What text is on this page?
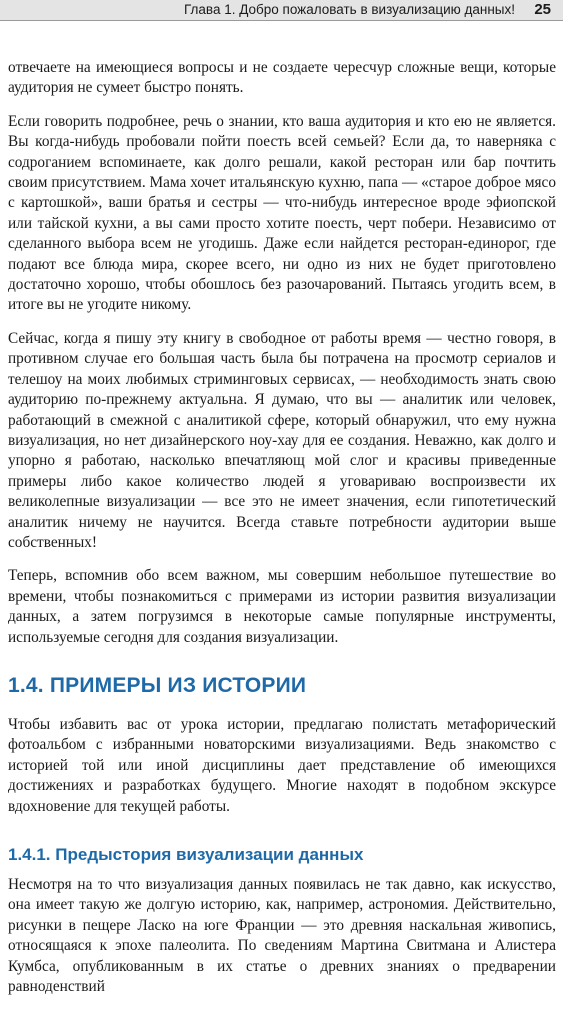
Глава 1. Добро пожаловать в визуализацию данных! 25

отвечаете на имеющиеся вопросы и не создаете чересчур сложные вещи, которые аудитория не сумеет быстро понять.

Если говорить подробнее, речь о знании, кто ваша аудитория и кто ею не является. Вы когда-нибудь пробовали пойти поесть всей семьей? Если да, то наверняка с содроганием вспоминаете, как долго решали, какой ресторан или бар почтить своим присутствием. Мама хочет итальянскую кухню, папа — «старое доброе мясо с картошкой», ваши братья и сестры — что-нибудь интересное вроде эфиопской или тайской кухни, а вы сами просто хотите поесть, черт побери. Независимо от сделанного выбора всем не угодишь. Даже если найдется ресторан-единорог, где подают все блюда мира, скорее всего, ни одно из них не будет приготовлено достаточно хорошо, чтобы обошлось без разочарований. Пытаясь угодить всем, в итоге вы не угодите никому.

Сейчас, когда я пишу эту книгу в свободное от работы время — честно говоря, в противном случае его большая часть была бы потрачена на просмотр сериалов и телешоу на моих любимых стриминговых сервисах, — необходимость знать свою аудиторию по-прежнему актуальна. Я думаю, что вы — аналитик или человек, работающий в смежной с аналитикой сфере, который обнаружил, что ему нужна визуализация, но нет дизайнерского ноу-хау для ее создания. Неважно, как долго и упорно я работаю, насколько впечатляющ мой слог и красивы приведенные примеры либо какое количество людей я уговариваю воспроизвести их великолепные визуализации — все это не имеет значения, если гипотетический аналитик ничему не научится. Всегда ставьте потребности аудитории выше собственных!

Теперь, вспомнив обо всем важном, мы совершим небольшое путешествие во времени, чтобы познакомиться с примерами из истории развития визуализации данных, а затем погрузимся в некоторые самые популярные инструменты, используемые сегодня для создания визуализации.

1.4. ПРИМЕРЫ ИЗ ИСТОРИИ

Чтобы избавить вас от урока истории, предлагаю полистать метафорический фотоальбом с избранными новаторскими визуализациями. Ведь знакомство с историей той или иной дисциплины дает представление об имеющихся достижениях и разработках будущего. Многие находят в подобном экскурсе вдохновение для текущей работы.

1.4.1. Предыстория визуализации данных

Несмотря на то что визуализация данных появилась не так давно, как искусство, она имеет такую же долгую историю, как, например, астрономия. Действительно, рисунки в пещере Ласко на юге Франции — это древняя наскальная живопись, относящаяся к эпохе палеолита. По сведениям Мартина Свитмана и Алистера Кумбса, опубликованным в их статье о древних знаниях о предварении равноденствий
